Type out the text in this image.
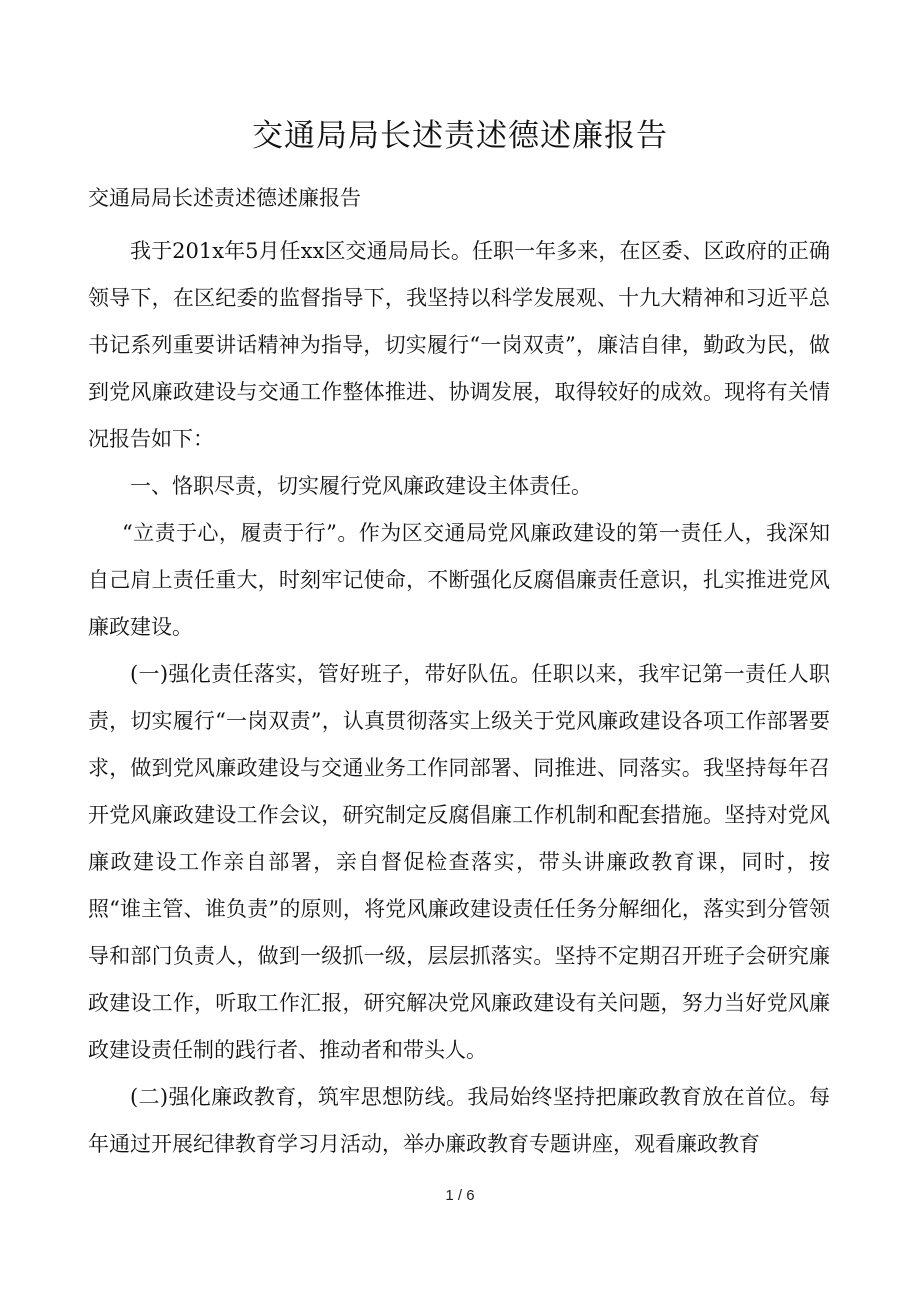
交通局局长述责述德述廉报告

交通局局长述责述德述廉报告

我于201x年5月任xx区交通局局长。任职一年多来，在区委、区政府的正确领导下，在区纪委的监督指导下，我坚持以科学发展观、十九大精神和习近平总书记系列重要讲话精神为指导，切实履行“一岗双责”，廉洁自律，勤政为民，做到党风廉政建设与交通工作整体推进、协调发展，取得较好的成效。现将有关情况报告如下：

一、恪职尽责，切实履行党风廉政建设主体责任。

“立责于心，履责于行”。作为区交通局党风廉政建设的第一责任人，我深知自己肩上责任重大，时刻牢记使命，不断强化反腐倡廉责任意识，扎实推进党风廉政建设。

(一)强化责任落实，管好班子，带好队伍。任职以来，我牢记第一责任人职责，切实履行“一岗双责”，认真贯彻落实上级关于党风廉政建设各项工作部署要求，做到党风廉政建设与交通业务工作同部署、同推进、同落实。我坚持每年召开党风廉政建设工作会议，研究制定反腐倡廉工作机制和配套措施。坚持对党风廉政建设工作亲自部署，亲自督促检查落实，带头讲廉政教育课，同时，按照“谁主管、谁负责”的原则，将党风廉政建设责任任务分解细化，落实到分管领导和部门负责人，做到一级抓一级，层层抓落实。坚持不定期召开班子会研究廉政建设工作，听取工作汇报，研究解决党风廉政建设有关问题，努力当好党风廉政建设责任制的践行者、推动者和带头人。

(二)强化廉政教育，筑牢思想防线。我局始终坚持把廉政教育放在首位。每年通过开展纪律教育学习月活动，举办廉政教育专题讲座，观看廉政教育

1 / 6
